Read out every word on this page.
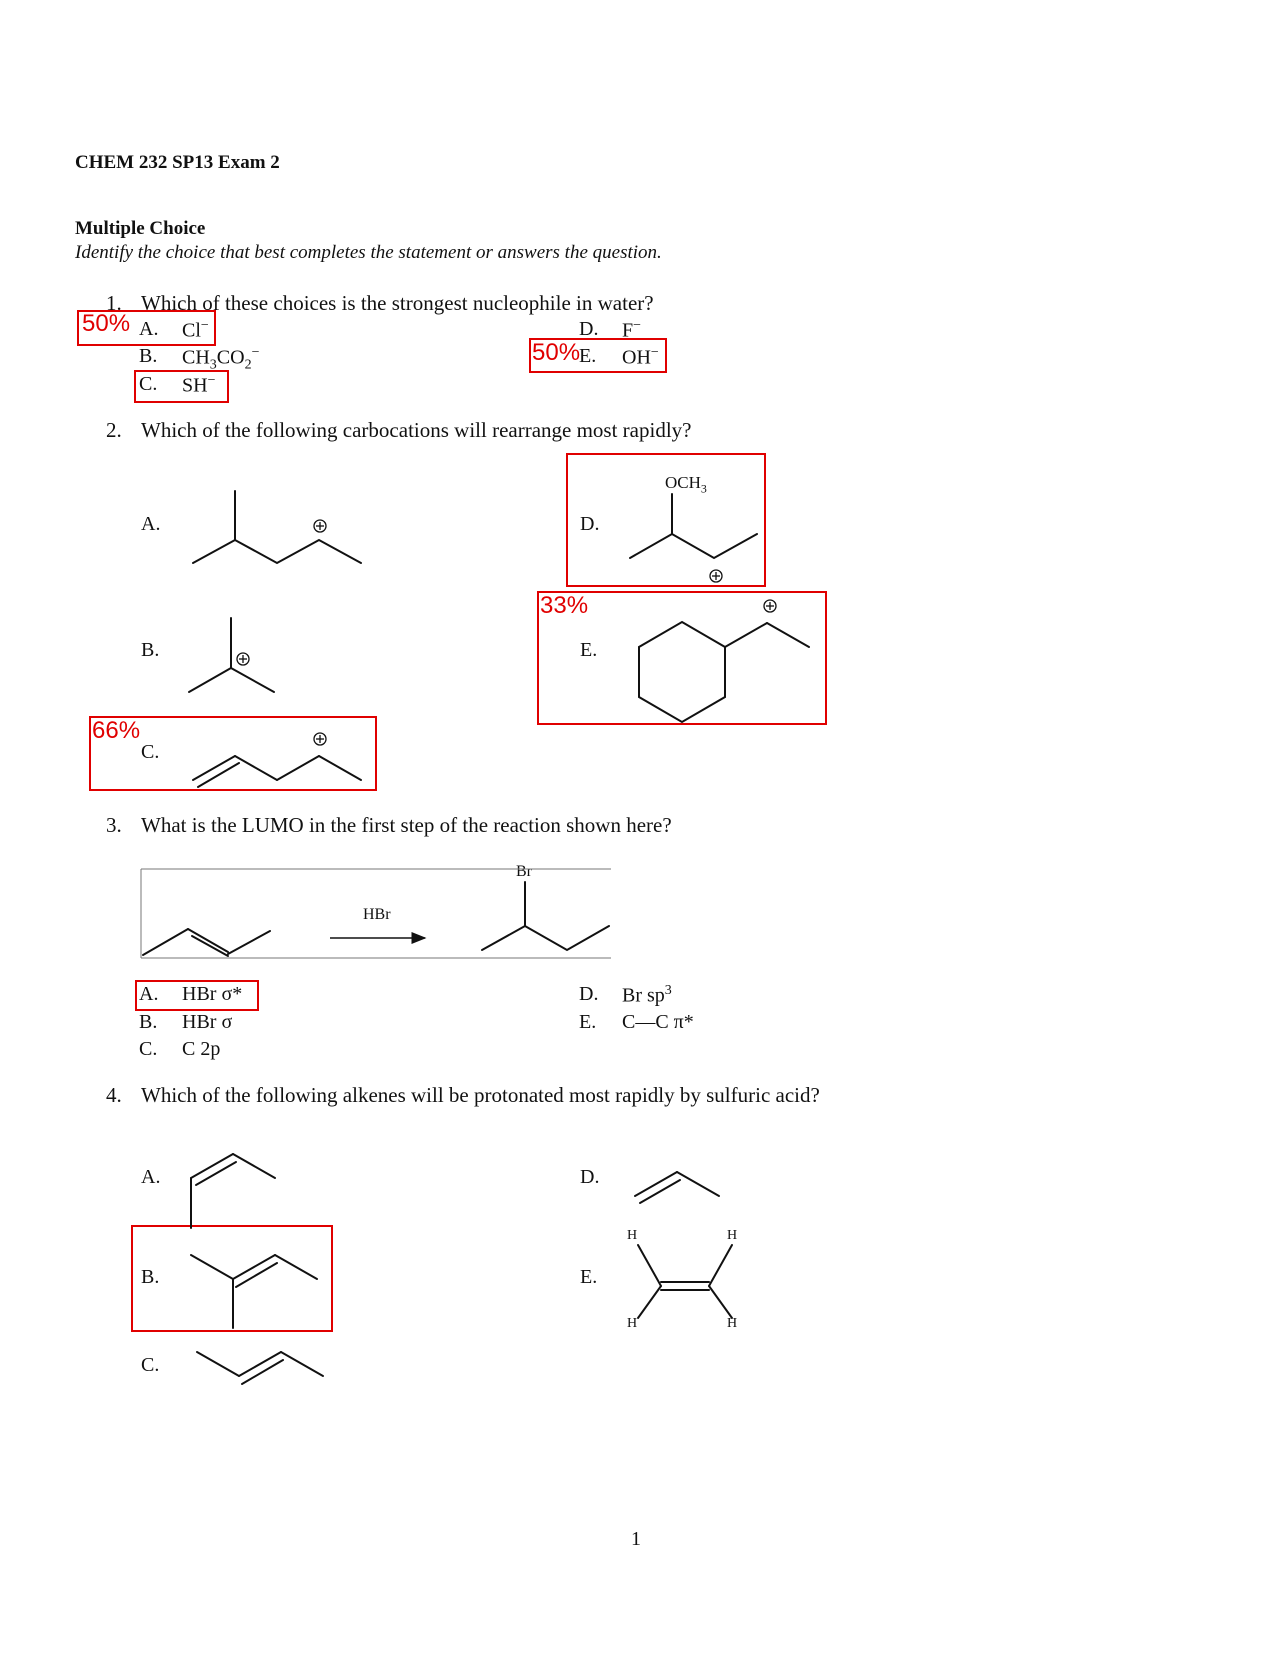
CHEM 232 SP13 Exam 2
Multiple Choice
Identify the choice that best completes the statement or answers the question.
1. Which of these choices is the strongest nucleophile in water?
A. Cl−
B. $CH_3CO_2^-$
C. SH−
D. F−
E. OH−
50%
50%
2. Which of the following carbocations will rearrange most rapidly?
A.
B.
C.
D.
E.
$OCH_3$
33%
66%
3. What is the LUMO in the first step of the reaction shown here?
HBr
Br
A. HBr σ*
B. HBr σ
C. C 2p
D. Br $sp^3$
E. C—C π*
4. Which of the following alkenes will be protonated most rapidly by sulfuric acid?
A.
B.
C.
D.
E.
H	H
H	H
1
